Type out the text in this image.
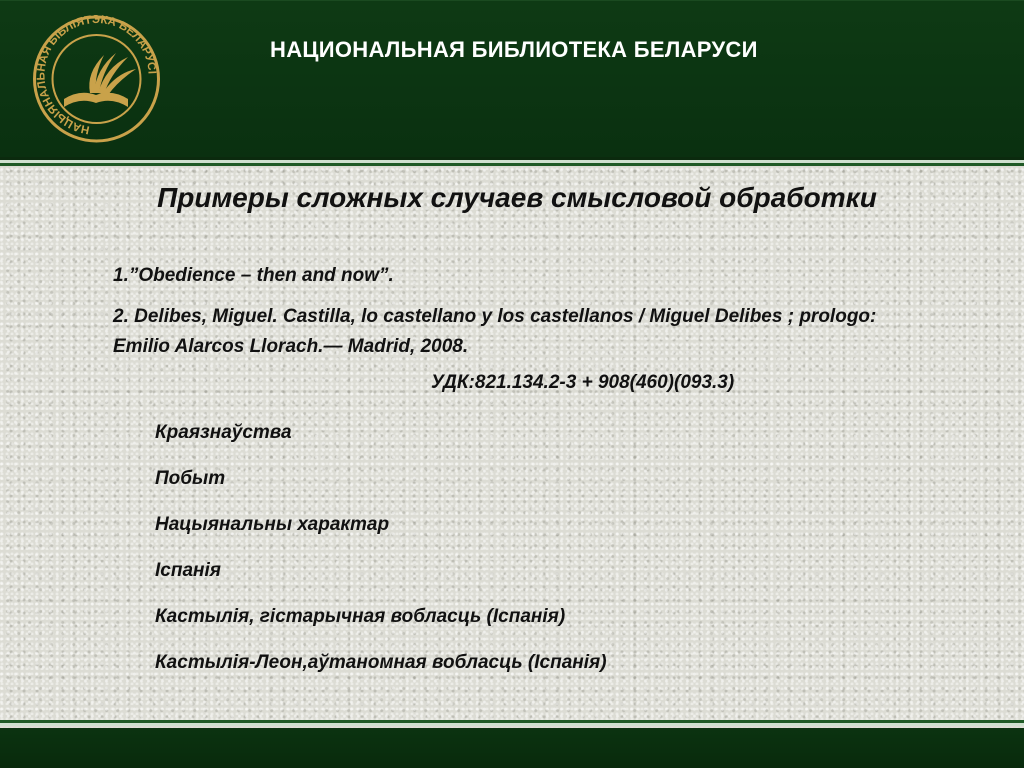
НАЦЫЯНАЛЬНАЯ БІБЛІЯТЭКА БЕЛАРУСІ
НАЦИОНАЛЬНАЯ БИБЛИОТЕКА БЕЛАРУСИ
Примеры сложных случаев смысловой обработки

1.”Obedience – then and now”.

2. Delibes, Miguel. Castilla, lo castellano y los castellanos / Miguel Delibes ; prologo: Emilio Alarcos Llorach.— Madrid, 2008.

УДК:821.134.2-3 + 908(460)(093.3)

Краязнаўства
Побыт
Нацыянальны характар
Іспанія
Кастылія, гістарычная вобласць (Іспанія)
Кастылія-Леон,аўтаномная вобласць (Іспанія)
